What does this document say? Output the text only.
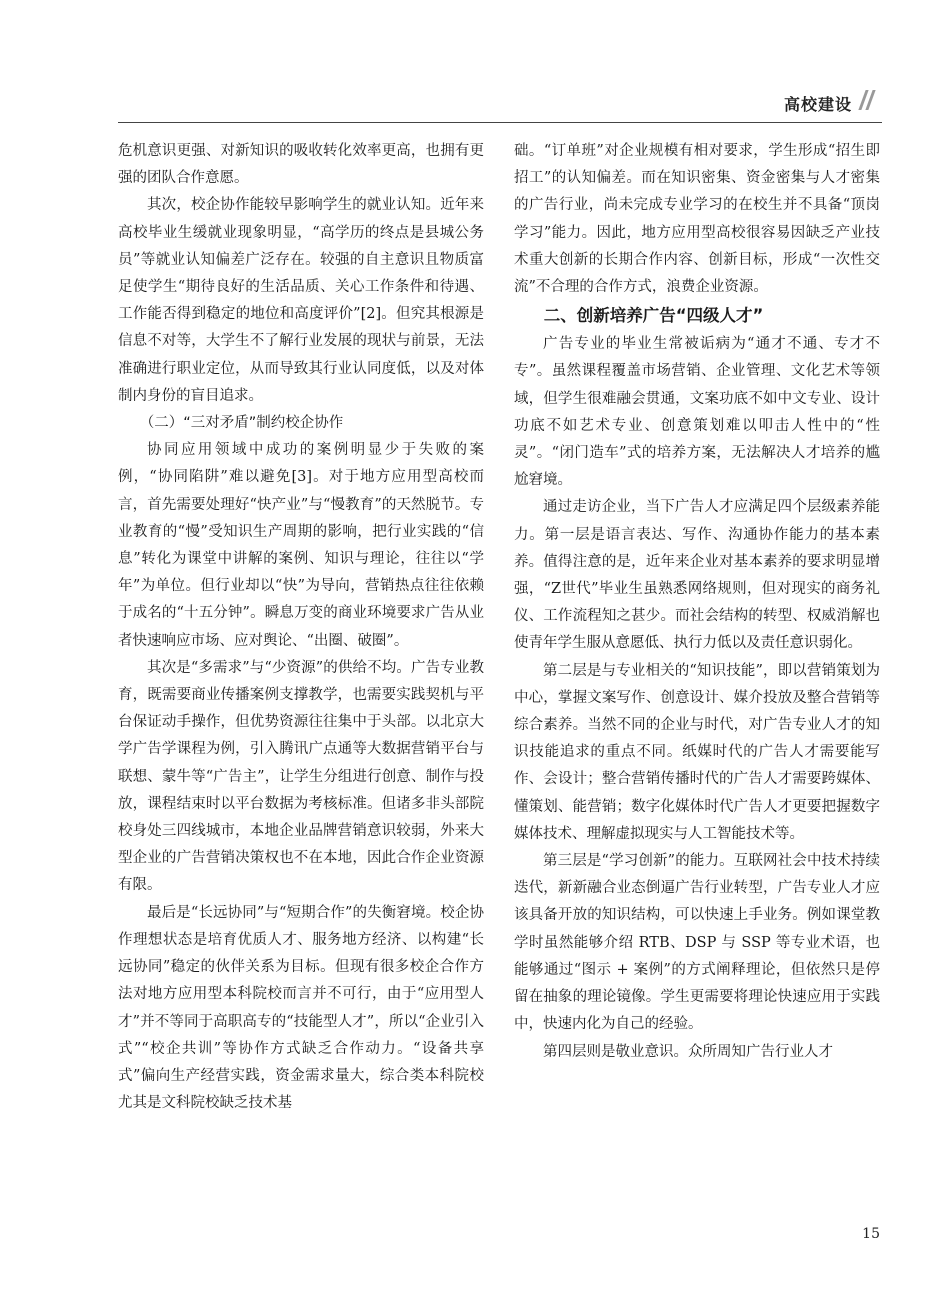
高校建设

危机意识更强、对新知识的吸收转化效率更高，也拥有更强的团队合作意愿。

其次，校企协作能较早影响学生的就业认知。近年来高校毕业生缓就业现象明显，“高学历的终点是县城公务员”等就业认知偏差广泛存在。较强的自主意识且物质富足使学生“期待良好的生活品质、关心工作条件和待遇、工作能否得到稳定的地位和高度评价”[2]。但究其根源是信息不对等，大学生不了解行业发展的现状与前景，无法准确进行职业定位，从而导致其行业认同度低，以及对体制内身份的盲目追求。

（二）“三对矛盾”制约校企协作

协同应用领域中成功的案例明显少于失败的案例，“协同陷阱”难以避免[3]。对于地方应用型高校而言，首先需要处理好“快产业”与“慢教育”的天然脱节。专业教育的“慢”受知识生产周期的影响，把行业实践的“信息”转化为课堂中讲解的案例、知识与理论，往往以“学年”为单位。但行业却以“快”为导向，营销热点往往依赖于成名的“十五分钟”。瞬息万变的商业环境要求广告从业者快速响应市场、应对舆论、“出圈、破圈”。

其次是“多需求”与“少资源”的供给不均。广告专业教育，既需要商业传播案例支撑教学，也需要实践契机与平台保证动手操作，但优势资源往往集中于头部。以北京大学广告学课程为例，引入腾讯广点通等大数据营销平台与联想、蒙牛等“广告主”，让学生分组进行创意、制作与投放，课程结束时以平台数据为考核标准。但诸多非头部院校身处三四线城市，本地企业品牌营销意识较弱，外来大型企业的广告营销决策权也不在本地，因此合作企业资源有限。

最后是“长远协同”与“短期合作”的失衡窘境。校企协作理想状态是培育优质人才、服务地方经济、以构建“长远协同”稳定的伙伴关系为目标。但现有很多校企合作方法对地方应用型本科院校而言并不可行，由于“应用型人才”并不等同于高职高专的“技能型人才”，所以“企业引入式”“校企共训”等协作方式缺乏合作动力。“设备共享式”偏向生产经营实践，资金需求量大，综合类本科院校尤其是文科院校缺乏技术基

础。“订单班”对企业规模有相对要求，学生形成“招生即招工”的认知偏差。而在知识密集、资金密集与人才密集的广告行业，尚未完成专业学习的在校生并不具备“顶岗学习”能力。因此，地方应用型高校很容易因缺乏产业技术重大创新的长期合作内容、创新目标，形成“一次性交流”不合理的合作方式，浪费企业资源。

二、创新培养广告“四级人才”

广告专业的毕业生常被诟病为“通才不通、专才不专”。虽然课程覆盖市场营销、企业管理、文化艺术等领域，但学生很难融会贯通，文案功底不如中文专业、设计功底不如艺术专业、创意策划难以叩击人性中的“性灵”。“闭门造车”式的培养方案，无法解决人才培养的尴尬窘境。

通过走访企业，当下广告人才应满足四个层级素养能力。第一层是语言表达、写作、沟通协作能力的基本素养。值得注意的是，近年来企业对基本素养的要求明显增强，“Z世代”毕业生虽熟悉网络规则，但对现实的商务礼仪、工作流程知之甚少。而社会结构的转型、权威消解也使青年学生服从意愿低、执行力低以及责任意识弱化。

第二层是与专业相关的“知识技能”，即以营销策划为中心，掌握文案写作、创意设计、媒介投放及整合营销等综合素养。当然不同的企业与时代，对广告专业人才的知识技能追求的重点不同。纸媒时代的广告人才需要能写作、会设计；整合营销传播时代的广告人才需要跨媒体、懂策划、能营销；数字化媒体时代广告人才更要把握数字媒体技术、理解虚拟现实与人工智能技术等。

第三层是“学习创新”的能力。互联网社会中技术持续迭代，新新融合业态倒逼广告行业转型，广告专业人才应该具备开放的知识结构，可以快速上手业务。例如课堂教学时虽然能够介绍 RTB、DSP 与 SSP 等专业术语，也能够通过“图示 + 案例”的方式阐释理论，但依然只是停留在抽象的理论镜像。学生更需要将理论快速应用于实践中，快速内化为自己的经验。

第四层则是敬业意识。众所周知广告行业人才

15
